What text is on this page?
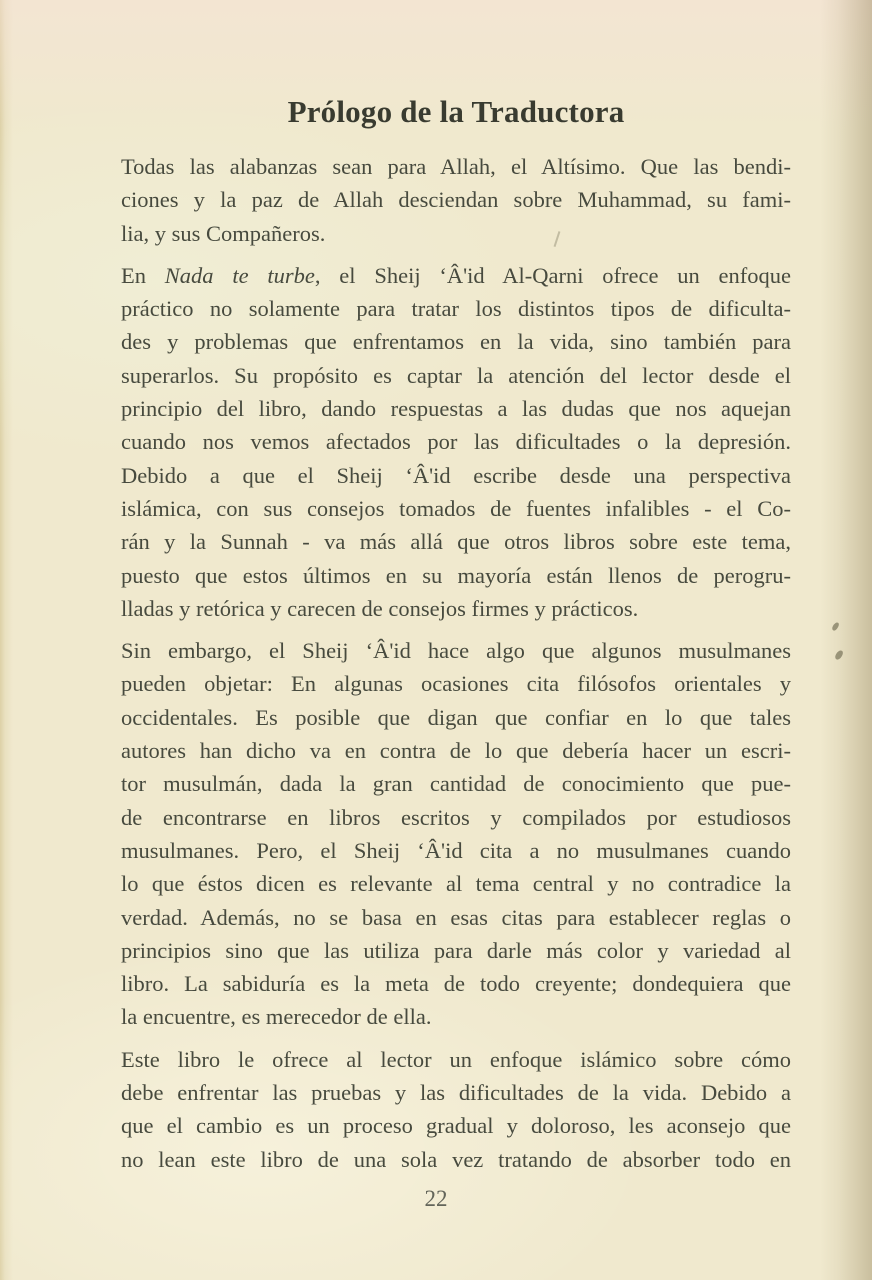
Prólogo de la Traductora
Todas las alabanzas sean para Allah, el Altísimo. Que las bendi-
ciones y la paz de Allah desciendan sobre Muhammad, su fami-
lia, y sus Compañeros.
En Nada te turbe, el Sheij ‘Â'id Al-Qarni ofrece un enfoque
práctico no solamente para tratar los distintos tipos de dificulta-
des y problemas que enfrentamos en la vida, sino también para
superarlos. Su propósito es captar la atención del lector desde el
principio del libro, dando respuestas a las dudas que nos aquejan
cuando nos vemos afectados por las dificultades o la depresión.
Debido a que el Sheij ‘Â'id escribe desde una perspectiva
islámica, con sus consejos tomados de fuentes infalibles - el Co-
rán y la Sunnah - va más allá que otros libros sobre este tema,
puesto que estos últimos en su mayoría están llenos de perogru-
lladas y retórica y carecen de consejos firmes y prácticos.
Sin embargo, el Sheij ‘Â'id hace algo que algunos musulmanes
pueden objetar: En algunas ocasiones cita filósofos orientales y
occidentales. Es posible que digan que confiar en lo que tales
autores han dicho va en contra de lo que debería hacer un escri-
tor musulmán, dada la gran cantidad de conocimiento que pue-
de encontrarse en libros escritos y compilados por estudiosos
musulmanes. Pero, el Sheij ‘Â'id cita a no musulmanes cuando
lo que éstos dicen es relevante al tema central y no contradice la
verdad. Además, no se basa en esas citas para establecer reglas o
principios sino que las utiliza para darle más color y variedad al
libro. La sabiduría es la meta de todo creyente; dondequiera que
la encuentre, es merecedor de ella.
Este libro le ofrece al lector un enfoque islámico sobre cómo
debe enfrentar las pruebas y las dificultades de la vida. Debido a
que el cambio es un proceso gradual y doloroso, les aconsejo que
no lean este libro de una sola vez tratando de absorber todo en
22
